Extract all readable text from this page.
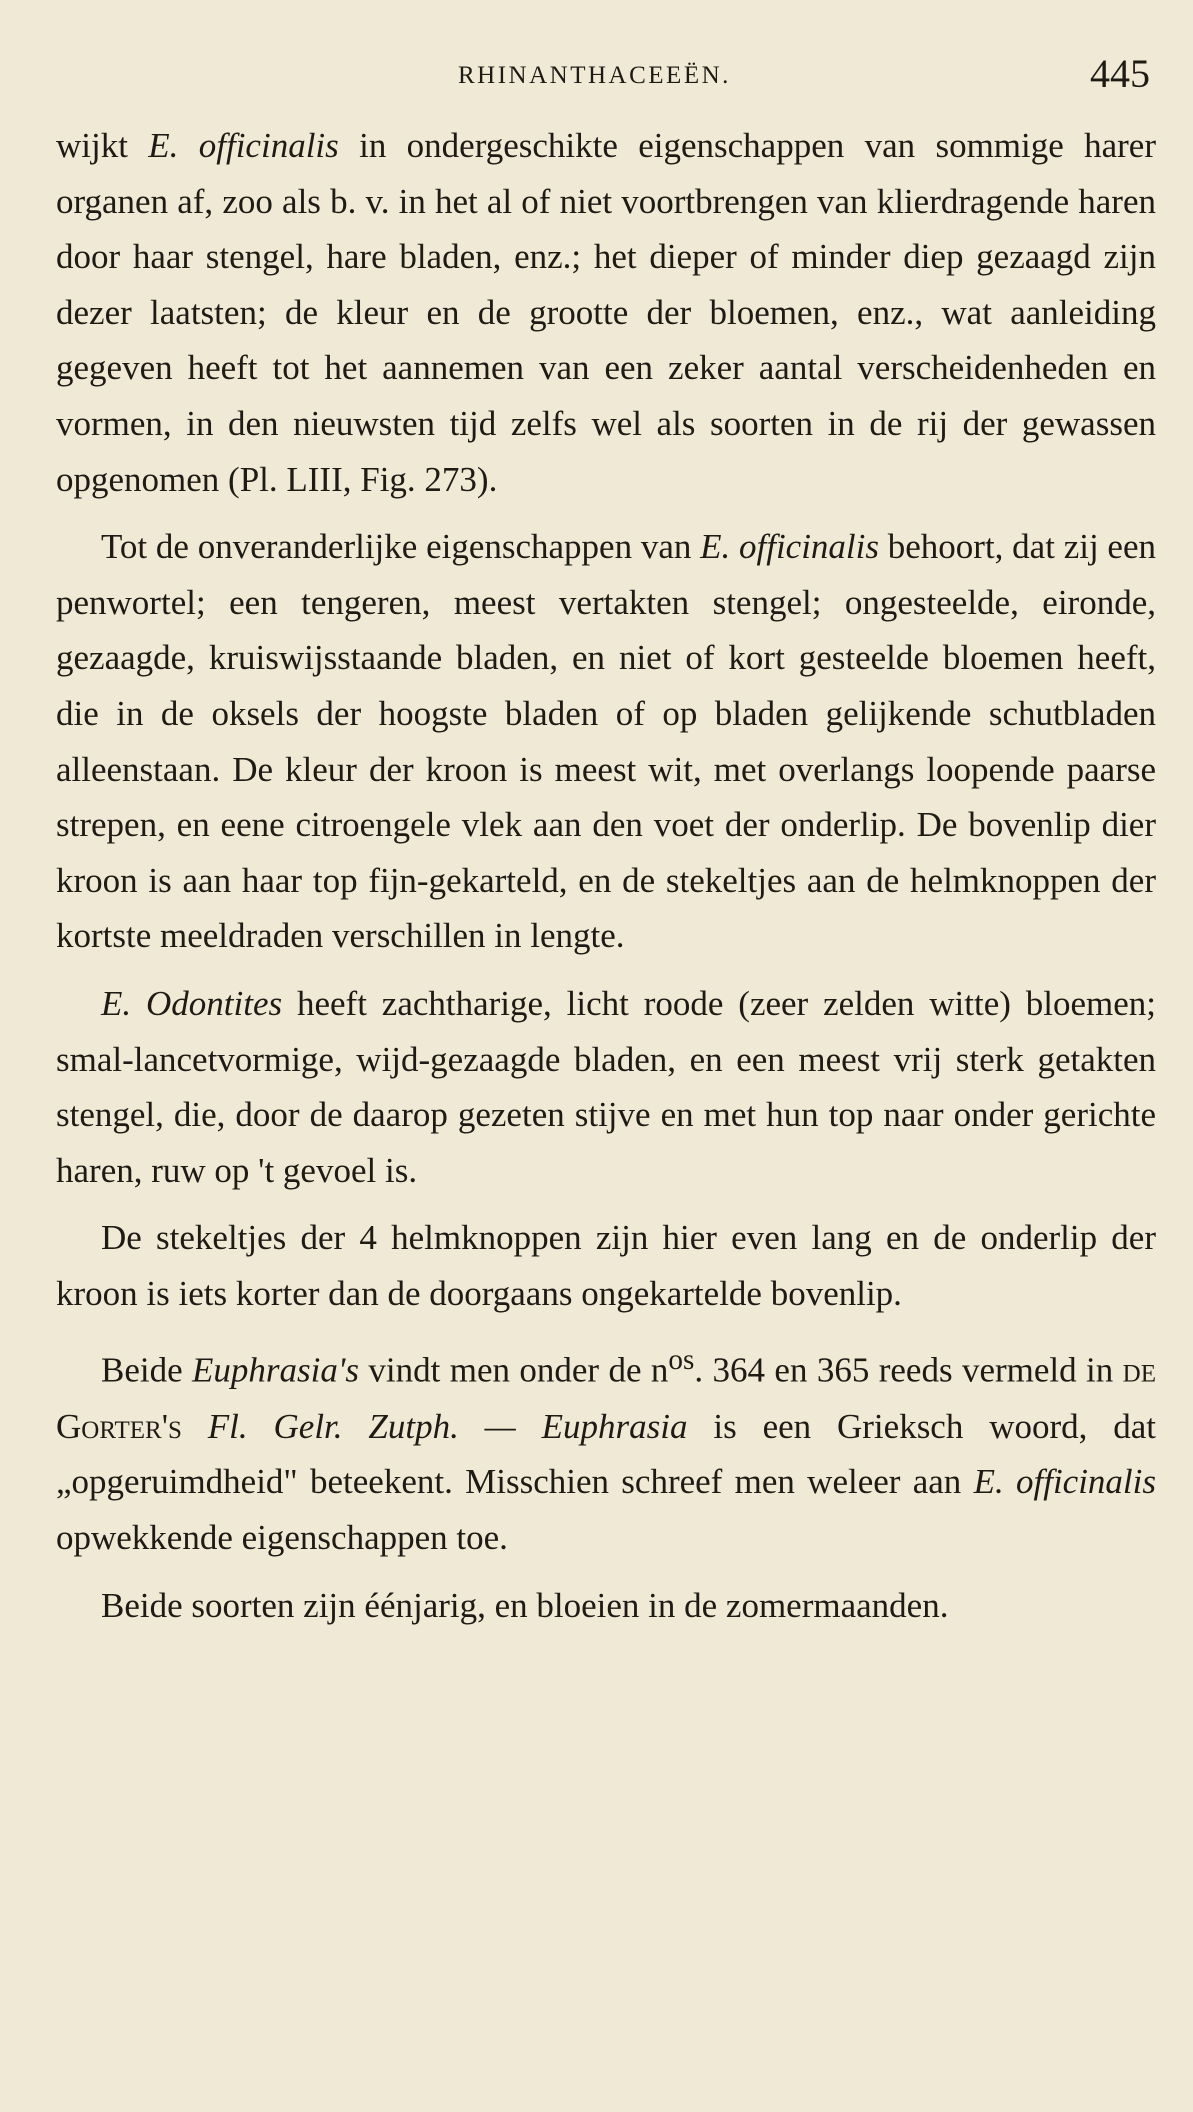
RHINANTHACEEËN.	445

wijkt E. officinalis in ondergeschikte eigenschappen van sommige harer organen af, zoo als b. v. in het al of niet voortbrengen van klierdragende haren door haar stengel, hare bladen, enz.; het dieper of minder diep gezaagd zijn dezer laatsten; de kleur en de grootte der bloemen, enz., wat aanleiding gegeven heeft tot het aannemen van een zeker aantal verscheidenheden en vormen, in den nieuwsten tijd zelfs wel als soorten in de rij der gewassen opgenomen (Pl. LIII, Fig. 273).

Tot de onveranderlijke eigenschappen van E. officinalis behoort, dat zij een penwortel; een tengeren, meest vertakten stengel; ongesteelde, eironde, gezaagde, kruiswijsstaande bladen, en niet of kort gesteelde bloemen heeft, die in de oksels der hoogste bladen of op bladen gelijkende schutbladen alleenstaan. De kleur der kroon is meest wit, met overlangs loopende paarse strepen, en eene citroengele vlek aan den voet der onderlip. De bovenlip dier kroon is aan haar top fijn-gekarteld, en de stekeltjes aan de helmknoppen der kortste meeldraden verschillen in lengte.

E. Odontites heeft zachtharige, licht roode (zeer zelden witte) bloemen; smal-lancetvormige, wijd-gezaagde bladen, en een meest vrij sterk getakten stengel, die, door de daarop gezeten stijve en met hun top naar onder gerichte haren, ruw op 't gevoel is.

De stekeltjes der 4 helmknoppen zijn hier even lang en de onderlip der kroon is iets korter dan de doorgaans ongekartelde bovenlip.

Beide Euphrasia's vindt men onder de $n^{os}$. 364 en 365 reeds vermeld in de Gorter's Fl. Gelr. Zutph. — Euphrasia is een Grieksch woord, dat „opgeruimdheid" beteekent. Misschien schreef men weleer aan E. officinalis opwekkende eigenschappen toe.

Beide soorten zijn éénjarig, en bloeien in de zomermaanden.
